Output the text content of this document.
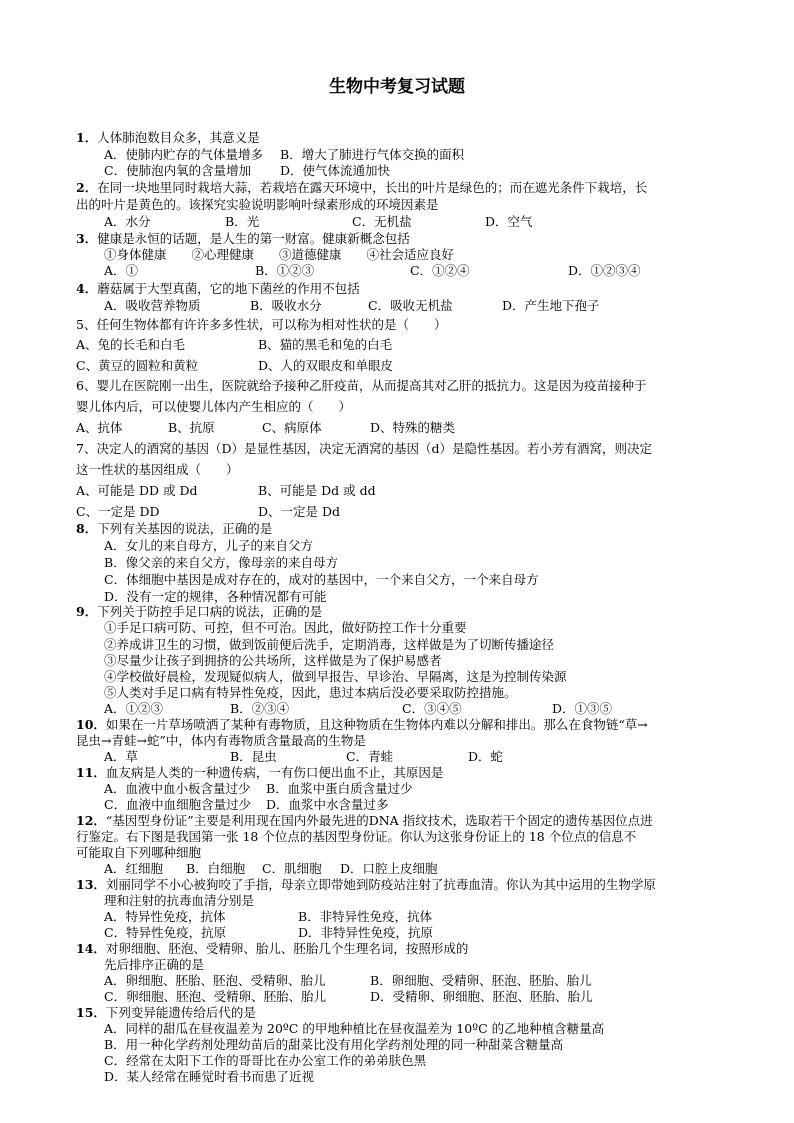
生物中考复习试题
1．人体肺泡数目众多，其意义是
A．使肺内贮存的气体量增多 B．增大了肺进行气体交换的面积
C．使肺泡内氧的含量增加 D．使气体流通加快
2．在同一块地里同时栽培大蒜，若栽培在露天环境中，长出的叶片是绿色的；而在遮光条件下栽培，长
出的叶片是黄色的。该探究实验说明影响叶绿素形成的环境因素是
A．水分	B．光	C．无机盐	D．空气
3．健康是永恒的话题，是人生的第一财富。健康新概念包括
①身体健康　　②心理健康　　③道德健康　　④社会适应良好
A．①	B．①②③	C．①②④	D．①②③④
4．蘑菇属于大型真菌，它的地下菌丝的作用不包括
A．吸收营养物质	B．吸收水分	C．吸收无机盐	D．产生地下孢子
5、任何生物体都有许许多多性状，可以称为相对性状的是（　　）
A、兔的长毛和白毛	B、猫的黑毛和兔的白毛
C、黄豆的圆粒和黄粒	D、人的双眼皮和单眼皮
6、婴儿在医院刚一出生，医院就给予接种乙肝疫苗，从而提高其对乙肝的抵抗力。这是因为疫苗接种于
婴儿体内后，可以使婴儿体内产生相应的（　　）
A、抗体	B、抗原	C、病原体	D、特殊的糖类
7、决定人的酒窝的基因（D）是显性基因，决定无酒窝的基因（d）是隐性基因。若小芳有酒窝，则决定
这一性状的基因组成（　　）
A、可能是 DD 或 Dd	B、可能是 Dd 或 dd
C、一定是 DD	D、一定是 Dd
8．下列有关基因的说法，正确的是
A．女儿的来自母方，儿子的来自父方
B．像父亲的来自父方，像母亲的来自母方
C．体细胞中基因是成对存在的，成对的基因中，一个来自父方，一个来自母方
D．没有一定的规律，各种情况都有可能
9．下列关于防控手足口病的说法，正确的是
①手足口病可防、可控，但不可治。因此，做好防控工作十分重要
②养成讲卫生的习惯，做到饭前便后洗手，定期消毒，这样做是为了切断传播途径
③尽量少让孩子到拥挤的公共场所，这样做是为了保护易感者
④学校做好晨检，发现疑似病人，做到早报告、早诊治、早隔离，这是为控制传染源
⑤人类对手足口病有特异性免疫，因此，患过本病后没必要采取防控措施。
A．①②③	B．②③④	C．③④⑤	D．①③⑤
10．如果在一片草场喷洒了某种有毒物质，且这种物质在生物体内难以分解和排出。那么在食物链“草→
昆虫→青蛙→蛇”中，体内有毒物质含量最高的生物是
A．草	B．昆虫	C．青蛙	D．蛇
11．血友病是人类的一种遗传病，一有伤口便出血不止，其原因是
A．血液中血小板含量过少 B．血浆中蛋白质含量过少
C．血液中血细胞含量过少 D．血浆中水含量过多
12．“基因型身份证”主要是利用现在国内外最先进的DNA 指纹技术，选取若干个固定的遗传基因位点进
行鉴定。右下图是我国第一张 18 个位点的基因型身份证。你认为这张身份证上的 18 个位点的信息不
可能取自下列哪种细胞
A．红细胞 B．白细胞 C．肌细胞 D．口腔上皮细胞
13．刘丽同学不小心被狗咬了手指，母亲立即带她到防疫站注射了抗毒血清。你认为其中运用的生物学原
理和注射的抗毒血清分别是
A．特异性免疫，抗体	B．非特异性免疫，抗体
C．特异性免疫，抗原	D．非特异性免疫，抗原
14．对卵细胞、胚泡、受精卵、胎儿、胚胎几个生理名词，按照形成的
先后排序正确的是
A．卵细胞、胚胎、胚泡、受精卵、胎儿	B．卵细胞、受精卵、胚泡、胚胎、胎儿
C．卵细胞、胚泡、受精卵、胚胎、胎儿	D．受精卵、卵细胞、胚泡、胚胎、胎儿
15．下列变异能遗传给后代的是
A．同样的甜瓜在昼夜温差为 20ºC 的甲地种植比在昼夜温差为 10ºC 的乙地种植含糖量高
B．用一种化学药剂处理幼苗后的甜菜比没有用化学药剂处理的同一种甜菜含糖量高
C．经常在太阳下工作的哥哥比在办公室工作的弟弟肤色黑
D．某人经常在睡觉时看书而患了近视
